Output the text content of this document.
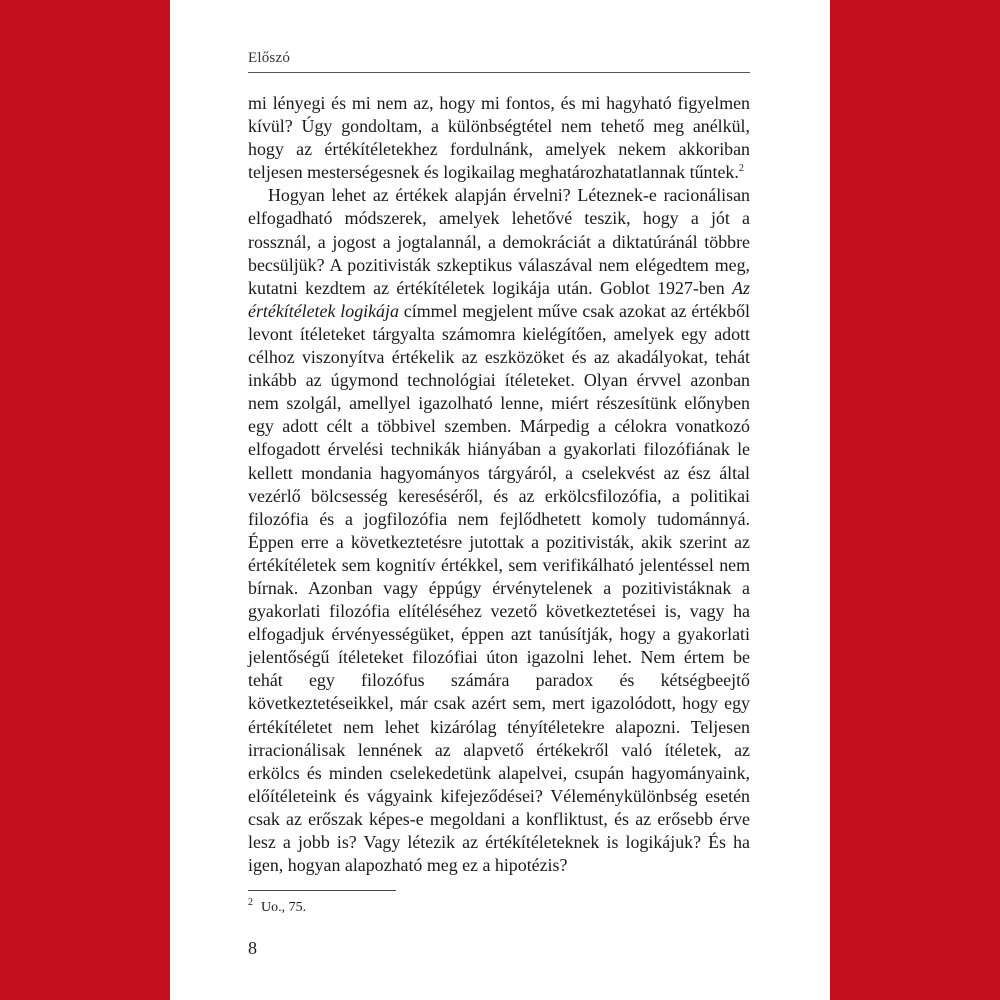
Előszó

mi lényegi és mi nem az, hogy mi fontos, és mi hagyható figyelmen kívül? Úgy gondoltam, a különbségtétel nem tehető meg anélkül, hogy az értékítéletekhez fordulnánk, amelyek nekem akkoriban teljesen mesterségesnek és logikailag meghatározhatatlannak tűntek.$^2$

Hogyan lehet az értékek alapján érvelni? Léteznek-e racionálisan elfogadható módszerek, amelyek lehetővé teszik, hogy a jót a rossznál, a jogost a jogtalannál, a demokráciát a diktatúránál többre becsüljük? A pozitivisták szkeptikus válaszával nem elégedtem meg, kutatni kezdtem az értékítéletek logikája után. Goblot 1927-ben Az értékítéletek logikája címmel megjelent műve csak azokat az értékből levont ítéleteket tárgyalta számomra kielégítően, amelyek egy adott célhoz viszonyítva értékelik az eszközöket és az akadályokat, tehát inkább az úgymond technológiai ítéleteket. Olyan érvvel azonban nem szolgál, amellyel igazolható lenne, miért részesítünk előnyben egy adott célt a többivel szemben. Márpedig a célokra vonatkozó elfogadott érvelési technikák hiányában a gyakorlati filozófiának le kellett mondania hagyományos tárgyáról, a cselekvést az ész által vezérlő bölcsesség kereséséről, és az erkölcsfilozófia, a politikai filozófia és a jogfilozófia nem fejlődhetett komoly tudománnyá. Éppen erre a következtetésre jutottak a pozitivisták, akik szerint az értékítéletek sem kognitív értékkel, sem verifikálható jelentéssel nem bírnak. Azonban vagy éppúgy érvénytelenek a pozitivistáknak a gyakorlati filozófia elítéléséhez vezető következtetései is, vagy ha elfogadjuk érvényességüket, éppen azt tanúsítják, hogy a gyakorlati jelentőségű ítéleteket filozófiai úton igazolni lehet. Nem értem be tehát egy filozófus számára paradox és kétségbeejtő következtetéseikkel, már csak azért sem, mert igazolódott, hogy egy értékítéletet nem lehet kizárólag tényítéletekre alapozni. Teljesen irracionálisak lennének az alapvető értékekről való ítéletek, az erkölcs és minden cselekedetünk alapelvei, csupán hagyományaink, előítéleteink és vágyaink kifejeződései? Véleménykülönbség esetén csak az erőszak képes-e megoldani a konfliktust, és az erősebb érve lesz a jobb is? Vagy létezik az értékítéleteknek is logikájuk? És ha igen, hogyan alapozható meg ez a hipotézis?

$^2$ Uo., 75.
8
